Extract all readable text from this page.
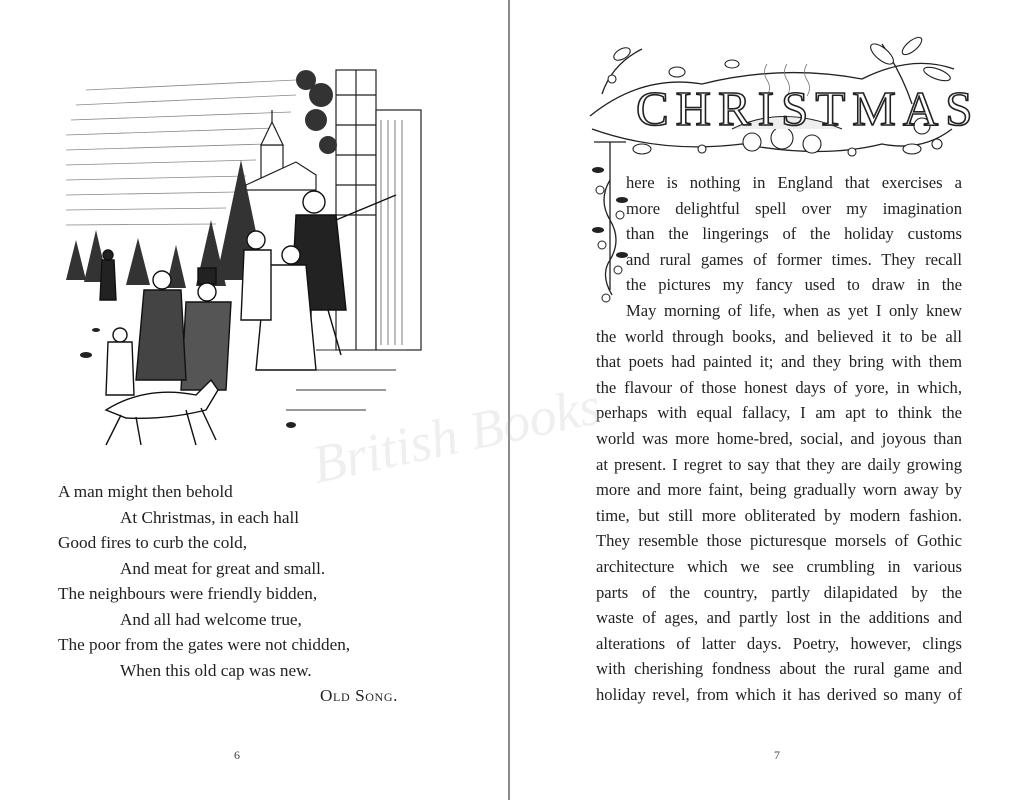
A man might then behold
At Christmas, in each hall
Good fires to curb the cold,
And meat for great and small.
The neighbours were friendly bidden,
And all had welcome true,
The poor from the gates were not chidden,
When this old cap was new.
Old Song.
6
CHRISTMAS
here is nothing in England that exercises a
more delightful spell over my imagination
than the lingerings of the holiday customs
and rural games of former times. They recall
the pictures my fancy used to draw in the
May morning of life, when as yet I only knew
the world through books, and believed it to be all
that poets had painted it; and they bring with them
the flavour of those honest days of yore, in which,
perhaps with equal fallacy, I am apt to think the
world was more home-bred, social, and joyous than
at present. I regret to say that they are daily growing
more and more faint, being gradually worn away by
time, but still more obliterated by modern fashion.
They resemble those picturesque morsels of Gothic
architecture which we see crumbling in various
parts of the country, partly dilapidated by the
waste of ages, and partly lost in the additions and
alterations of latter days. Poetry, however, clings
with cherishing fondness about the rural game and
holiday revel, from which it has derived so many of
7
British Books
